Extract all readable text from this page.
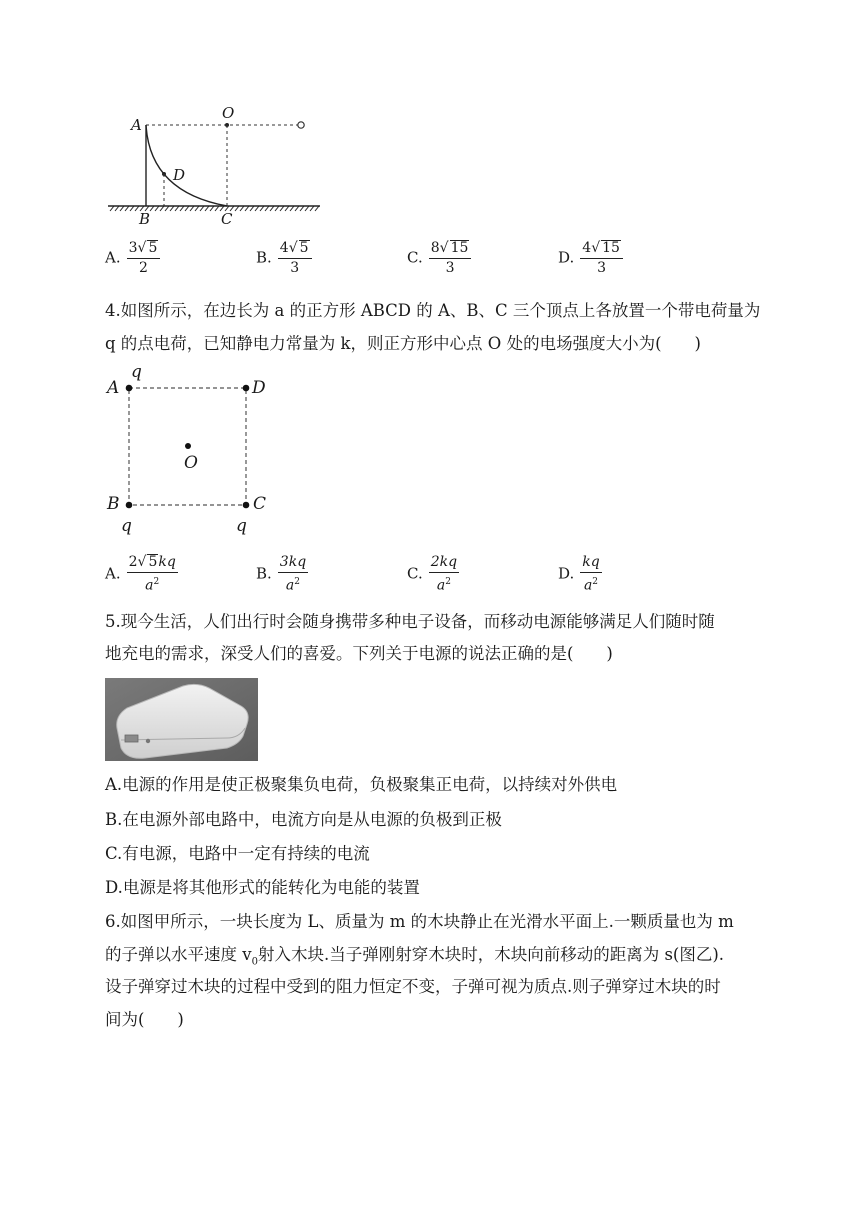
A
O
D
B	C
A. $\frac{3√ 5}{2}$	B. $\frac{4√ 5}{3}$	C. $\frac{8√ 15}{3}$	D. $\frac{4√ 15}{3}$
4.如图所示，在边长为 a 的正方形 ABCD 的 A、B、C 三个顶点上各放置一个带电荷量为
q 的点电荷，已知静电力常量为 k，则正方形中心点 O 处的电场强度大小为(　　)
q
A	D
O
B	C
q	q
A. $\frac{2√ 5kq}{a^2}$	B. $\frac{3kq}{a^2}$	C. $\frac{2kq}{a^2}$	D. $\frac{kq}{a^2}$
5.现今生活，人们出行时会随身携带多种电子设备，而移动电源能够满足人们随时随
地充电的需求，深受人们的喜爱。下列关于电源的说法正确的是(　　)
A.电源的作用是使正极聚集负电荷，负极聚集正电荷，以持续对外供电
B.在电源外部电路中，电流方向是从电源的负极到正极
C.有电源，电路中一定有持续的电流
D.电源是将其他形式的能转化为电能的装置
6.如图甲所示，一块长度为 L、质量为 m 的木块静止在光滑水平面上.一颗质量也为 m
的子弹以水平速度 $v_0$射入木块.当子弹刚射穿木块时，木块向前移动的距离为 s(图乙).
设子弹穿过木块的过程中受到的阻力恒定不变，子弹可视为质点.则子弹穿过木块的时
间为(　　)
